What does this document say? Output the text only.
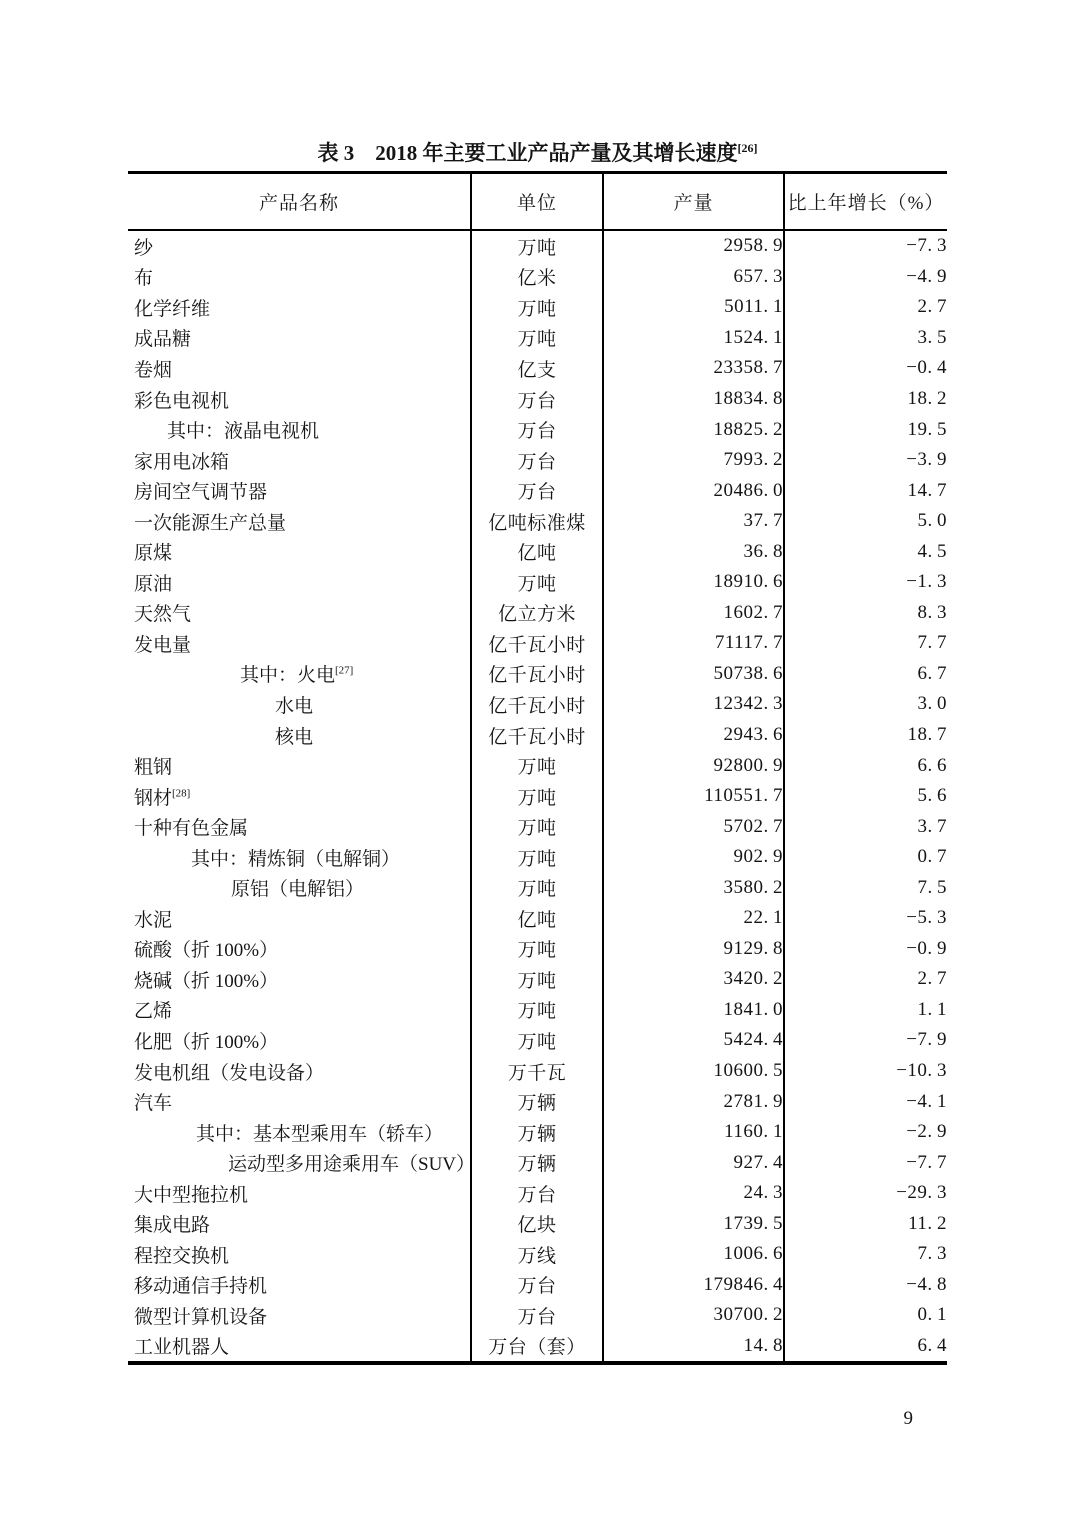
表 3　2018 年主要工业产品产量及其增长速度[26]
产品名称	单位	产量	比上年增长（%）
纱	万吨	2958. 9	−7. 3
布	亿米	657. 3	−4. 9
化学纤维	万吨	5011. 1	2. 7
成品糖	万吨	1524. 1	3. 5
卷烟	亿支	23358. 7	−0. 4
彩色电视机	万台	18834. 8	18. 2
其中：液晶电视机	万台	18825. 2	19. 5
家用电冰箱	万台	7993. 2	−3. 9
房间空气调节器	万台	20486. 0	14. 7
一次能源生产总量	亿吨标准煤	37. 7	5. 0
原煤	亿吨	36. 8	4. 5
原油	万吨	18910. 6	−1. 3
天然气	亿立方米	1602. 7	8. 3
发电量	亿千瓦小时	71117. 7	7. 7
其中：火电[27]	亿千瓦小时	50738. 6	6. 7
水电	亿千瓦小时	12342. 3	3. 0
核电	亿千瓦小时	2943. 6	18. 7
粗钢	万吨	92800. 9	6. 6
钢材[28]	万吨	110551. 7	5. 6
十种有色金属	万吨	5702. 7	3. 7
其中：精炼铜（电解铜）	万吨	902. 9	0. 7
原铝（电解铝）	万吨	3580. 2	7. 5
水泥	亿吨	22. 1	−5. 3
硫酸（折 100%）	万吨	9129. 8	−0. 9
烧碱（折 100%）	万吨	3420. 2	2. 7
乙烯	万吨	1841. 0	1. 1
化肥（折 100%）	万吨	5424. 4	−7. 9
发电机组（发电设备）	万千瓦	10600. 5	−10. 3
汽车	万辆	2781. 9	−4. 1
其中：基本型乘用车（轿车）	万辆	1160. 1	−2. 9
运动型多用途乘用车（SUV）	万辆	927. 4	−7. 7
大中型拖拉机	万台	24. 3	−29. 3
集成电路	亿块	1739. 5	11. 2
程控交换机	万线	1006. 6	7. 3
移动通信手持机	万台	179846. 4	−4. 8
微型计算机设备	万台	30700. 2	0. 1
工业机器人	万台（套）	14. 8	6. 4
9
